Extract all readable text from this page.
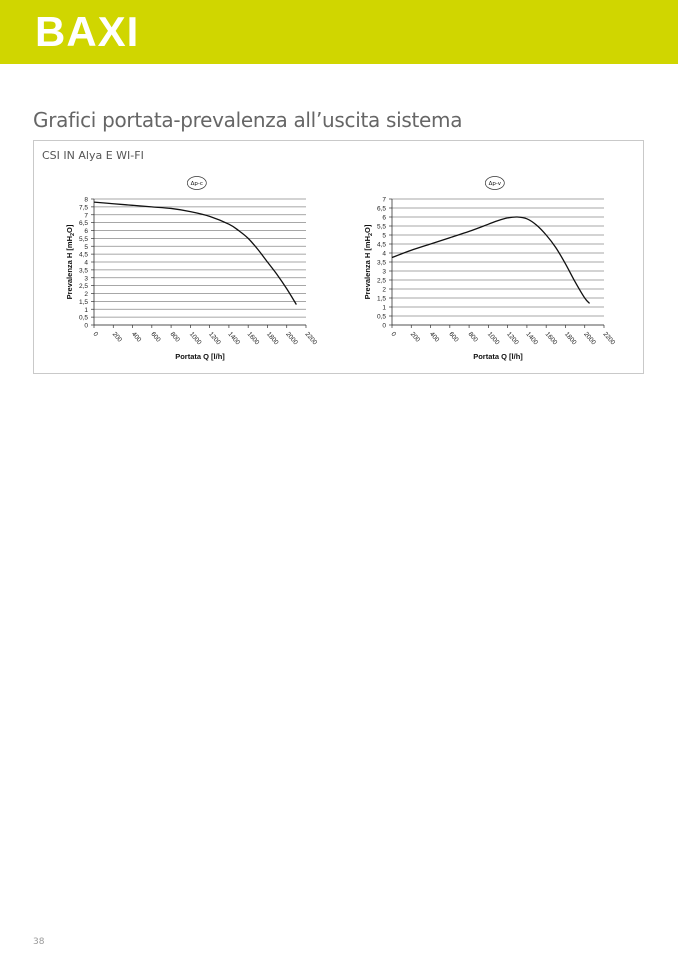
BAXI
Grafici portata-prevalenza all’uscita sistema
CSI IN Alya E WI-FI
0
0,5
1
1,5
2
2,5
3
3,5
4
4,5
5
5,5
6
6,5
7
7,5
8
0 200 400 600 800 1000 1200 1400 1600 1800 2000 2200
Prevalenza H $[mH_2O]$
Portata Q [l/h]
Δp-c
0
0,5
1
1,5
2
2,5
3
3,5
4
4,5
5
5,5
6
6,5
7
0 200 400 600 800 1000 1200 1400 1600 1800 2000 2200
Prevalenza H $[mH_2O]$
Portata Q [l/h]
Δp-v
38
